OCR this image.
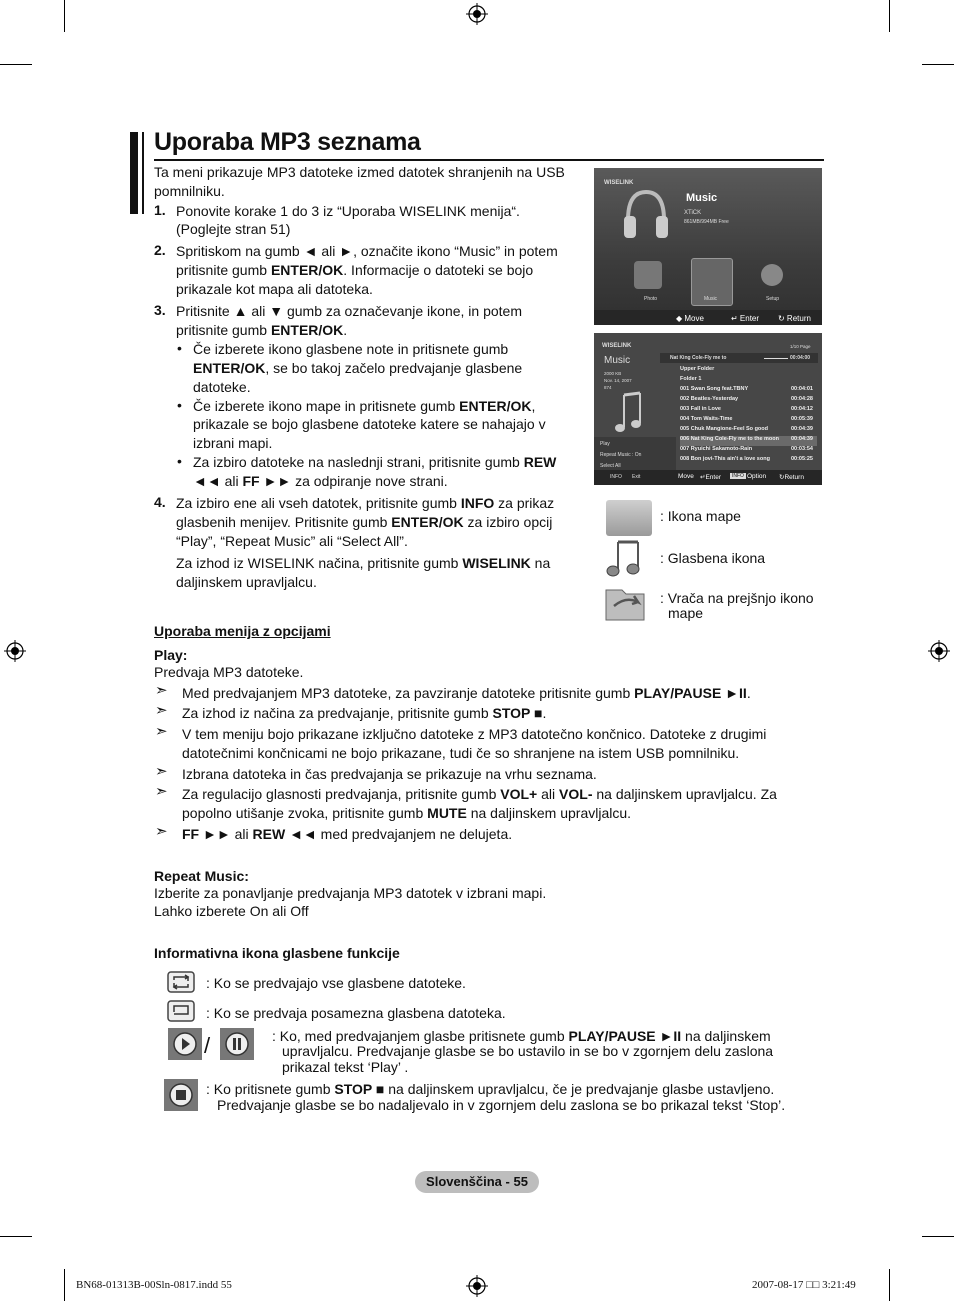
Uporaba MP3 seznama
Ta meni prikazuje MP3 datoteke izmed datotek shranjenih na USB pomnilniku.
1. Ponovite korake 1 do 3 iz “Uporaba WISELINK menija“.
(Poglejte stran 51)
2. Spritiskom na gumb ◄ ali ►, označite ikono “Music” in potem
pritisnite gumb ENTER/OK. Informacije o datoteki se bojo
prikazale kot mapa ali datoteka.
3. Pritisnite ▲ ali ▼ gumb za označevanje ikone, in potem
pritisnite gumb ENTER/OK.
• Če izberete ikono glasbene note in pritisnete gumb
ENTER/OK, se bo takoj začelo predvajanje glasbene
datoteke.
• Če izberete ikono mape in pritisnete gumb ENTER/OK,
prikazale se bojo glasbene datoteke katere se nahajajo v
izbrani mapi.
• Za izbiro datoteke na naslednji strani, pritisnite gumb REW
◄◄ ali FF ►► za odpiranje nove strani.
4. Za izbiro ene ali vseh datotek, pritisnite gumb INFO za prikaz
glasbenih menijev. Pritisnite gumb ENTER/OK za izbiro opcij
“Play”, “Repeat Music” ali “Select All”.
Za izhod iz WISELINK načina, pritisnite gumb WISELINK na
daljinskem upravljalcu.
WISELINK
Music
XTiCK
861MB/994MB Free
Photo	Music	Setup
◆ Move	↵ Enter ↻ Return
WISELINK
Music
2000 KB
Nov. 14, 2007
874
1/10 Page
Nat King Cole-Fly me to	00:04:00
Upper Folder
Folder 1
Play
Repeat Music : On
Select All
INFO Exit	Move ↵Enter	INFO Option ↻Return
001 Swan Song feat.TBNY	00:04:01
002 Beatles-Yesterday	00:04:28
003 Fall in Love	00:04:12
004 Tom Waits-Time	00:05:39
005 Chuk Mangione-Feel So good	00:04:39
006 Nat King Cole-Fly me to the moon 00:04:39
007 Ryuichi Sakamoto-Rain	00:03:54
008 Bon jovi-This ain't a love song	00:05:25
: Ikona mape
: Glasbena ikona
: Vrača na prejšnjo ikono
mape
Uporaba menija z opcijami
Play:
Predvaja MP3 datoteke.
➣ Med predvajanjem MP3 datoteke, za pavziranje datoteke pritisnite gumb PLAY/PAUSE ►II.
➣ Za izhod iz načina za predvajanje, pritisnite gumb STOP ■.
➣ V tem meniju bojo prikazane izključno datoteke z MP3 datotečno končnico. Datoteke z drugimi
datotečnimi končnicami ne bojo prikazane, tudi če so shranjene na istem USB pomnilniku.
➣ Izbrana datoteka in čas predvajanja se prikazuje na vrhu seznama.
➣ Za regulacijo glasnosti predvajanja, pritisnite gumb VOL+ ali VOL- na daljinskem upravljalcu. Za
popolno utišanje zvoka, pritisnite gumb MUTE na daljinskem upravljalcu.
➣ FF ►► ali REW ◄◄ med predvajanjem ne delujeta.
Repeat Music:
Izberite za ponavljanje predvajanja MP3 datotek v izbrani mapi.
Lahko izberete On ali Off
Informativna ikona glasbene funkcije
: Ko se predvajajo vse glasbene datoteke.
: Ko se predvaja posamezna glasbena datoteka.
/	: Ko, med predvajanjem glasbe pritisnete gumb PLAY/PAUSE ►II na daljinskem
upravljalcu. Predvajanje glasbe se bo ustavilo in se bo v zgornjem delu zaslona
prikazal tekst ‘Play’ .
: Ko pritisnete gumb STOP ■ na daljinskem upravljalcu, če je predvajanje glasbe ustavljeno.
Predvajanje glasbe se bo nadaljevalo in v zgornjem delu zaslona se bo prikazal tekst ‘Stop’.
Slovenščina - 55
BN68-01313B-00Sln-0817.indd 55	2007-08-17 □□ 3:21:49
